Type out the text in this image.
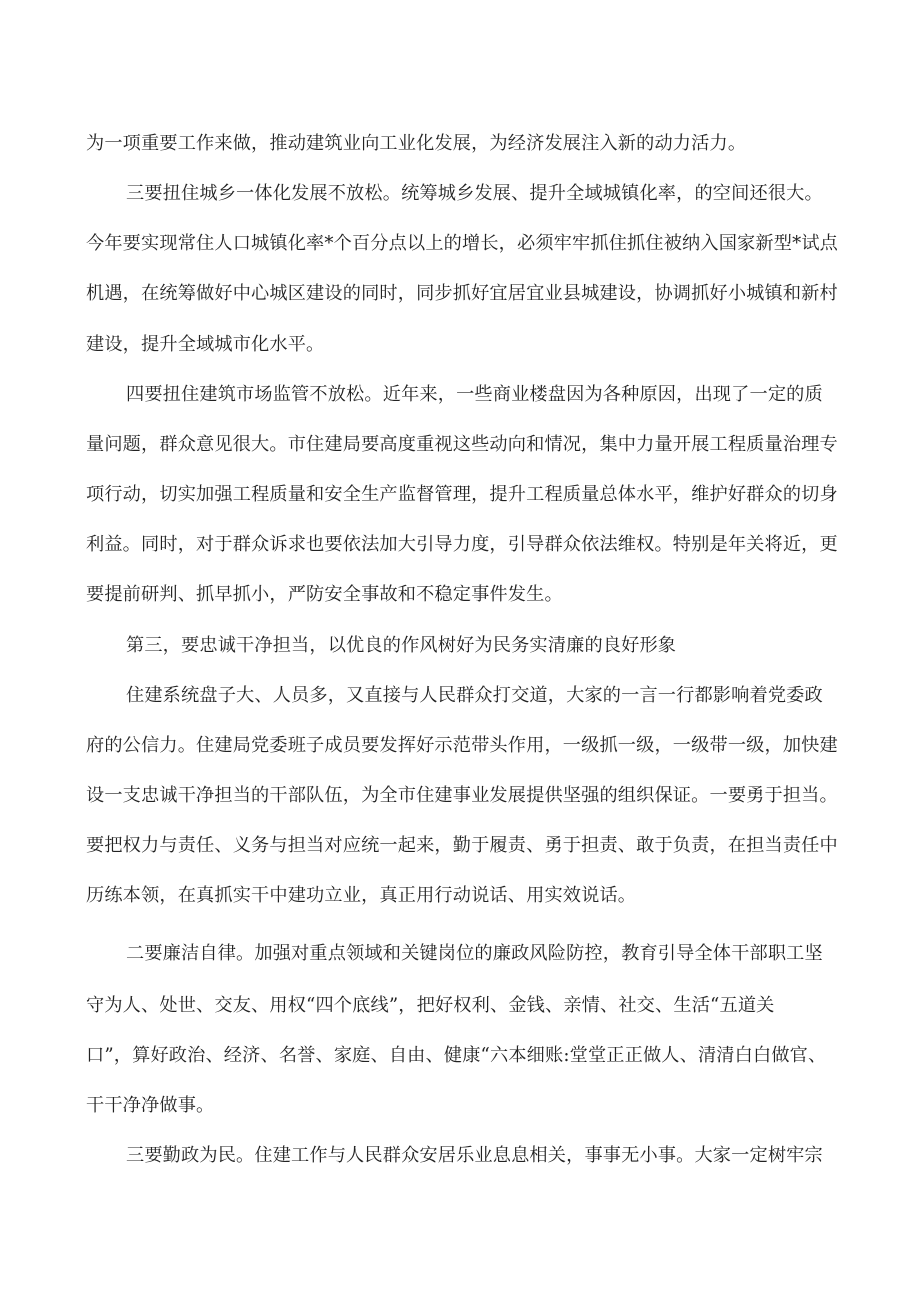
为一项重要工作来做，推动建筑业向工业化发展，为经济发展注入新的动力活力。

三要扭住城乡一体化发展不放松。统筹城乡发展、提升全域城镇化率，的空间还很大。

今年要实现常住人口城镇化率*个百分点以上的增长，必须牢牢抓住抓住被纳入国家新型*试点

机遇，在统筹做好中心城区建设的同时，同步抓好宜居宜业县城建设，协调抓好小城镇和新村

建设，提升全域城市化水平。

四要扭住建筑市场监管不放松。近年来，一些商业楼盘因为各种原因，出现了一定的质

量问题，群众意见很大。市住建局要高度重视这些动向和情况，集中力量开展工程质量治理专

项行动，切实加强工程质量和安全生产监督管理，提升工程质量总体水平，维护好群众的切身

利益。同时，对于群众诉求也要依法加大引导力度，引导群众依法维权。特别是年关将近，更

要提前研判、抓早抓小，严防安全事故和不稳定事件发生。

第三，要忠诚干净担当，以优良的作风树好为民务实清廉的良好形象

住建系统盘子大、人员多，又直接与人民群众打交道，大家的一言一行都影响着党委政

府的公信力。住建局党委班子成员要发挥好示范带头作用，一级抓一级，一级带一级，加快建

设一支忠诚干净担当的干部队伍，为全市住建事业发展提供坚强的组织保证。一要勇于担当。

要把权力与责任、义务与担当对应统一起来，勤于履责、勇于担责、敢于负责，在担当责任中

历练本领，在真抓实干中建功立业，真正用行动说话、用实效说话。

二要廉洁自律。加强对重点领域和关键岗位的廉政风险防控，教育引导全体干部职工坚

守为人、处世、交友、用权“四个底线”，把好权利、金钱、亲情、社交、生活“五道关

口”，算好政治、经济、名誉、家庭、自由、健康“六本细账:堂堂正正做人、清清白白做官、

干干净净做事。

三要勤政为民。住建工作与人民群众安居乐业息息相关，事事无小事。大家一定树牢宗
